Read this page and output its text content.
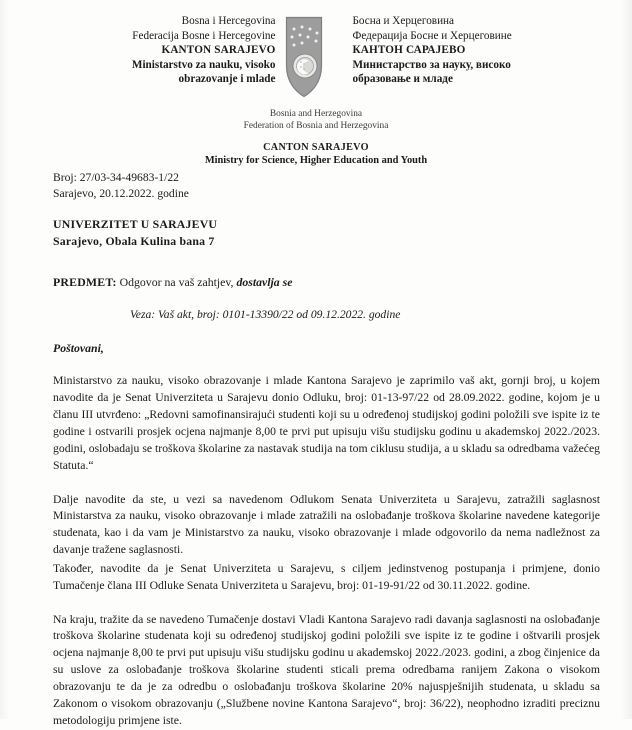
Bosna i Hercegovina
Federacija Bosne i Hercegovine
KANTON SARAJEVO
Ministarstvo za nauku, visoko
obrazovanje i mlade
Босна и Херцеговина
Федерација Босне и Херцеговине
КАНТОН САРАЈЕВО
Министарство за науку, високо
образовање и младе
Bosnia and Herzegovina
Federation of Bosnia and Herzegovina
CANTON SARAJEVO
Ministry for Science, Higher Education and Youth
Broj: 27/03-34-49683-1/22
Sarajevo, 20.12.2022. godine
UNIVERZITET U SARAJEVU
Sarajevo, Obala Kulina bana 7
PREDMET: Odgovor na vaš zahtjev, dostavlja se
Veza: Vaš akt, broj: 0101-13390/22 od 09.12.2022. godine
Poštovani,
Ministarstvo za nauku, visoko obrazovanje i mlade Kantona Sarajevo je zaprimilo vaš akt, gornji broj, u kojem navodite da je Senat Univerziteta u Sarajevu donio Odluku, broj: 01-13-97/22 od 28.09.2022. godine, kojom je u članu III utvrđeno: „Redovni samofinansirajući studenti koji su u određenoj studijskoj godini položili sve ispite iz te godine i ostvarili prosjek ocjena najmanje 8,00 te prvi put upisuju višu studijsku godinu u akademskoj 2022./2023. godini, oslobadaju se troškova školarine za nastavak studija na tom ciklusu studija, a u skladu sa odredbama važećeg Statuta.“
Dalje navodite da ste, u vezi sa navedenom Odlukom Senata Univerziteta u Sarajevu, zatražili saglasnost Ministarstva za nauku, visoko obrazovanje i mlade zatražili na oslobađanje troškova školarine navedene kategorije studenata, kao i da vam je Ministarstvo za nauku, visoko obrazovanje i mlade odgovorilo da nema nadležnost za davanje tražene saglasnosti.
Također, navodite da je Senat Univerziteta u Sarajevu, s ciljem jedinstvenog postupanja i primjene, donio Tumačenje člana III Odluke Senata Univerziteta u Sarajevu, broj: 01-19-91/22 od 30.11.2022. godine.
Na kraju, tražite da se navedeno Tumačenje dostavi Vladi Kantona Sarajevo radi davanja saglasnosti na oslobađanje troškova školarine studenata koji su određenoj studijskoj godini položili sve ispite iz te godine i oštvarili prosjek ocjena najmanje 8,00 te prvi put upisuju višu studijsku godinu u akademskoj 2022./2023. godini, a zbog činjenice da su uslove za oslobađanje troškova školarine studenti sticali prema odredbama ranijem Zakona o visokom obrazovanju te da je za odredbu o oslobađanju troškova školarine 20% najuspješnijih studenata, u skladu sa Zakonom o visokom obrazovanju („Službene novine Kantona Sarajevo“, broj: 36/22), neophodno izraditi preciznu metodologiju primjene iste.
